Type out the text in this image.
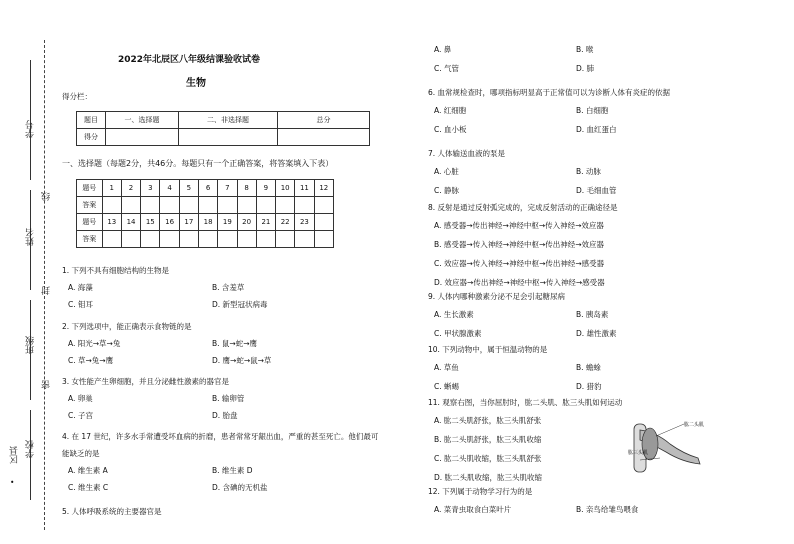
学号
线
姓名
封
班级
密
学校
区县
•
2022年北辰区八年级结课验收试卷
生物
得分栏：
题目	一、选择题	二、非选择题	总分
得分			
一、选择题（每题2分，共46分。每题只有一个正确答案，将答案填入下表）
题号	1	2	3	4	5	6	7	8	9	10	11	12
答案												
题号	13	14	15	16	17	18	19	20	21	22	23	
答案												
1. 下列不具有细胞结构的生物是
A. 海藻	B. 含羞草
C. 钼耳	D. 新型冠状病毒
2. 下列选项中，能正确表示食物链的是
A. 阳光→草→兔	B. 鼠→蛇→鹰
C. 草→兔→鹰	D. 鹰→蛇→鼠→草
3. 女性能产生卵细胞，并且分泌雌性激素的器官是
A. 卵巢	B. 输卵管
C. 子宫	D. 胎盘
4. 在 17 世纪，许多水手常遭受坏血病的折磨，患者常常牙龈出血，严重的甚至死亡。他们最可
能缺乏的是
A. 维生素 A	B. 维生素 D
C. 维生素 C	D. 含碘的无机盐
5. 人体呼吸系统的主要器官是
A. 鼻	B. 喉
C. 气管	D. 肺
6. 血常规检查时，哪项指标明显高于正常值可以为诊断人体有炎症的依据
A. 红细胞	B. 白细胞
C. 血小板	D. 血红蛋白
7. 人体输送血液的泵是
A. 心脏	B. 动脉
C. 静脉	D. 毛细血管
8. 反射是通过反射弧完成的，完成反射活动的正确途径是
A. 感受器→传出神经→神经中枢→传入神经→效应器
B. 感受器→传入神经→神经中枢→传出神经→效应器
C. 效应器→传入神经→神经中枢→传出神经→感受器
D. 效应器→传出神经→神经中枢→传入神经→感受器
9. 人体内哪种激素分泌不足会引起糖尿病
A. 生长激素	B. 胰岛素
C. 甲状腺激素	D. 雄性激素
10. 下列动物中，属于恒温动物的是
A. 草鱼	B. 蟾蜍
C. 蜥蜴	D. 猎豹
11. 观察右图，当你屈肘时，肱二头肌、肱三头肌如何运动
A. 肱二头肌舒张，肱三头肌舒张
B. 肱二头肌舒张，肱三头肌收缩
C. 肱二头肌收缩，肱三头肌舒张
D. 肱二头肌收缩，肱三头肌收缩
12. 下列属于动物学习行为的是
A. 菜青虫取食白菜叶片	B. 亲鸟给雏鸟喂食
肱二头肌
肱三头肌
